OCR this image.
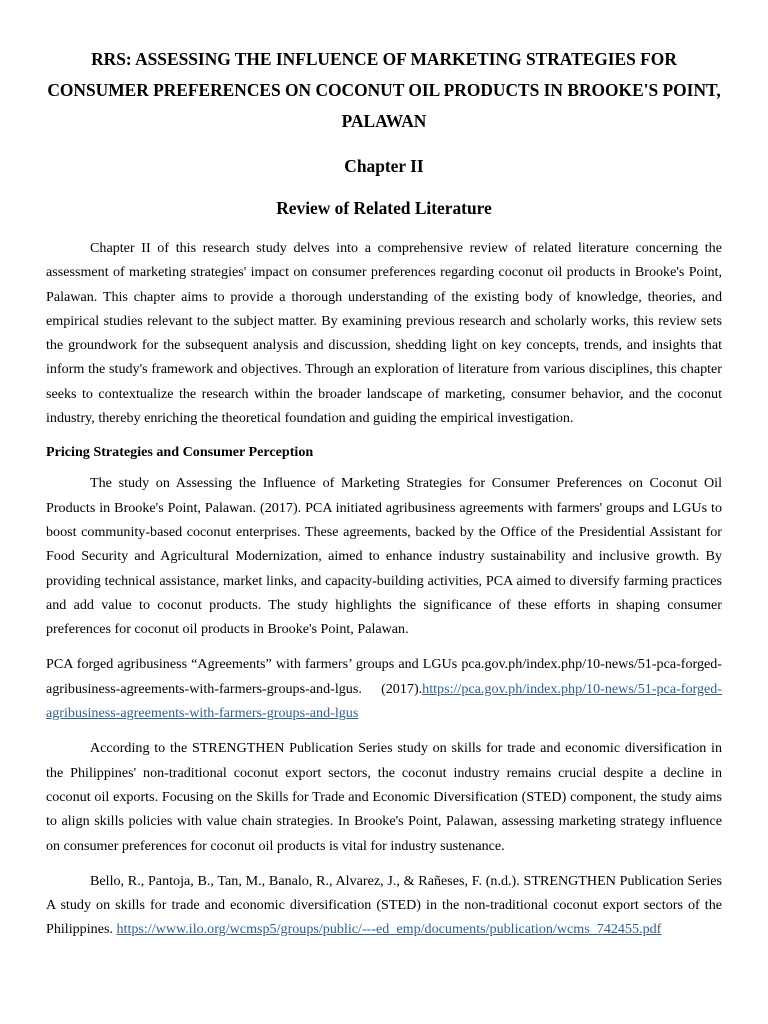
RRS: ASSESSING THE INFLUENCE OF MARKETING STRATEGIES FOR CONSUMER PREFERENCES ON COCONUT OIL PRODUCTS IN BROOKE'S POINT, PALAWAN
Chapter II
Review of Related Literature

Chapter II of this research study delves into a comprehensive review of related literature concerning the assessment of marketing strategies' impact on consumer preferences regarding coconut oil products in Brooke's Point, Palawan. This chapter aims to provide a thorough understanding of the existing body of knowledge, theories, and empirical studies relevant to the subject matter. By examining previous research and scholarly works, this review sets the groundwork for the subsequent analysis and discussion, shedding light on key concepts, trends, and insights that inform the study's framework and objectives. Through an exploration of literature from various disciplines, this chapter seeks to contextualize the research within the broader landscape of marketing, consumer behavior, and the coconut industry, thereby enriching the theoretical foundation and guiding the empirical investigation.

Pricing Strategies and Consumer Perception

The study on Assessing the Influence of Marketing Strategies for Consumer Preferences on Coconut Oil Products in Brooke's Point, Palawan. (2017). PCA initiated agribusiness agreements with farmers' groups and LGUs to boost community-based coconut enterprises. These agreements, backed by the Office of the Presidential Assistant for Food Security and Agricultural Modernization, aimed to enhance industry sustainability and inclusive growth. By providing technical assistance, market links, and capacity-building activities, PCA aimed to diversify farming practices and add value to coconut products. The study highlights the significance of these efforts in shaping consumer preferences for coconut oil products in Brooke's Point, Palawan.

PCA forged agribusiness “Agreements” with farmers’ groups and LGUs pca.gov.ph/index.php/10-news/51-pca-forged-agribusiness-agreements-with-farmers-groups-and-lgus. (2017).https://pca.gov.ph/index.php/10-news/51-pca-forged-agribusiness-agreements-with-farmers-groups-and-lgus

According to the STRENGTHEN Publication Series study on skills for trade and economic diversification in the Philippines' non-traditional coconut export sectors, the coconut industry remains crucial despite a decline in coconut oil exports. Focusing on the Skills for Trade and Economic Diversification (STED) component, the study aims to align skills policies with value chain strategies. In Brooke's Point, Palawan, assessing marketing strategy influence on consumer preferences for coconut oil products is vital for industry sustenance.

Bello, R., Pantoja, B., Tan, M., Banalo, R., Alvarez, J., & Rañeses, F. (n.d.). STRENGTHEN Publication Series A study on skills for trade and economic diversification (STED) in the non-traditional coconut export sectors of the Philippines. https://www.ilo.org/wcmsp5/groups/public/---ed_emp/documents/publication/wcms_742455.pdf
